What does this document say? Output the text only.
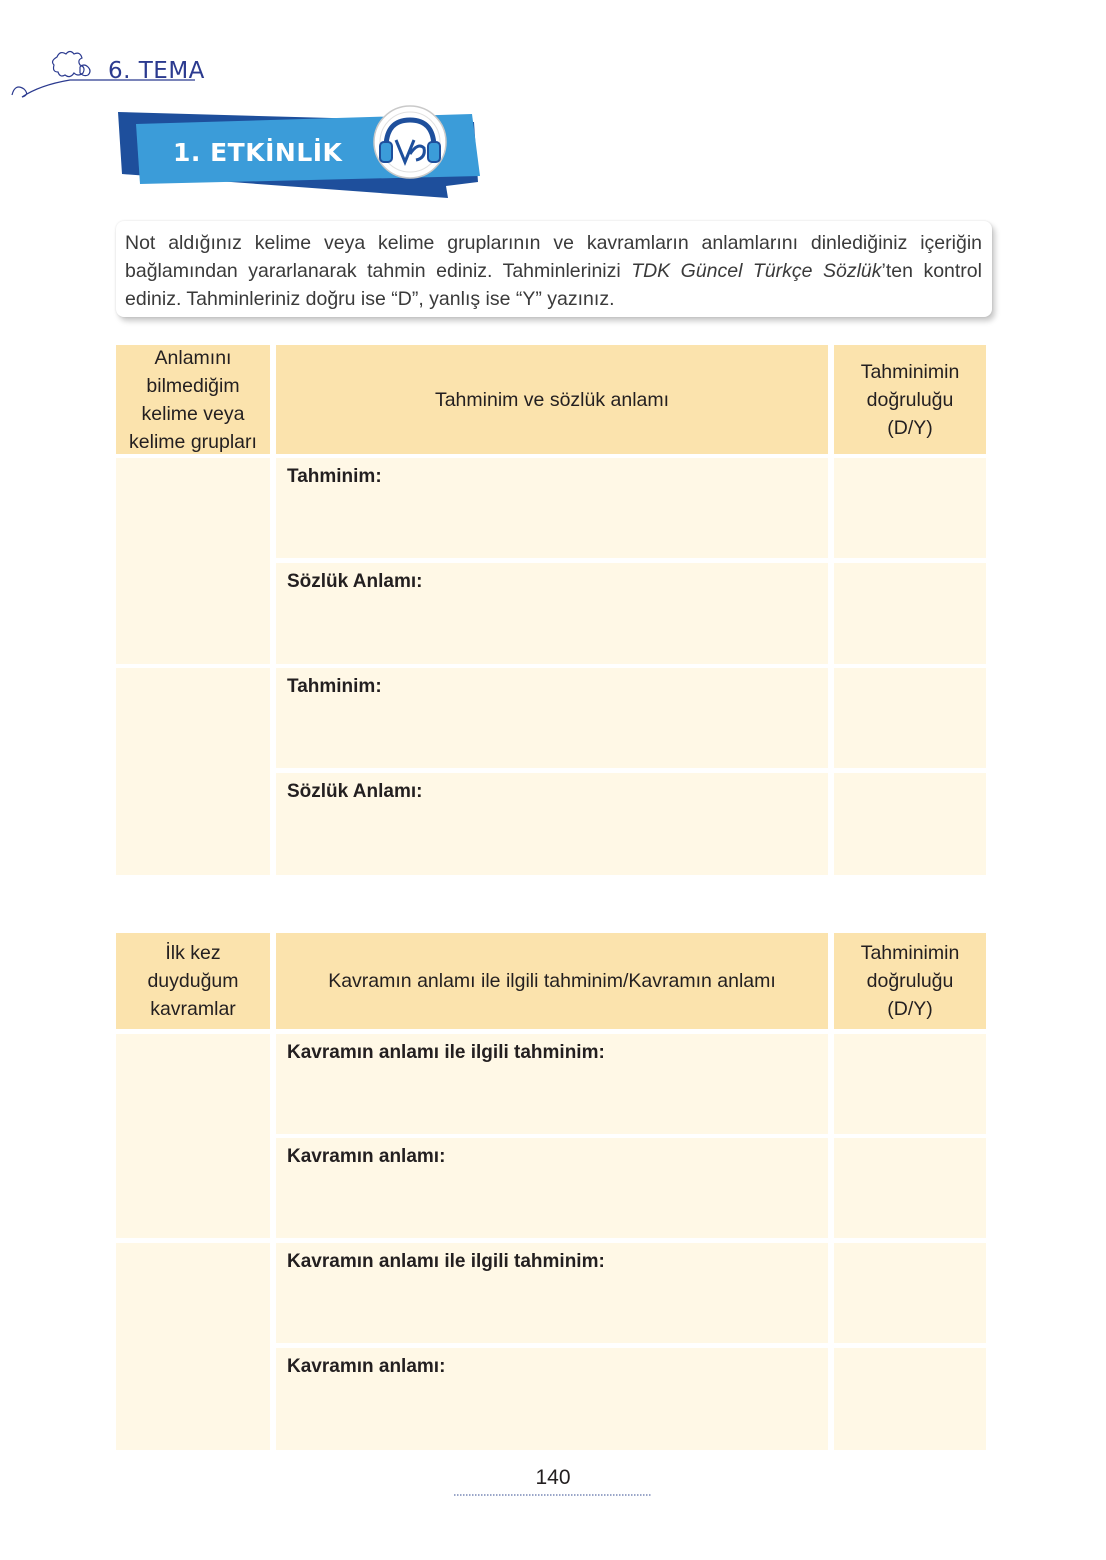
6. TEMA
1. ETKİNLİK

Not aldığınız kelime veya kelime gruplarının ve kavramların anlamlarını dinlediğiniz içeriğin bağlamından yararlanarak tahmin ediniz. Tahminlerinizi TDK Güncel Türkçe Sözlük’ten kontrol ediniz. Tahminleriniz doğru ise “D”, yanlış ise “Y” yazınız.

Anlamını bilmediğim kelime veya kelime grupları
Tahminim ve sözlük anlamı
Tahminimin doğruluğu (D/Y)
Tahminim:
Sözlük Anlamı:
Tahminim:
Sözlük Anlamı:
İlk kez duyduğum kavramlar
Kavramın anlamı ile ilgili tahminim/Kavramın anlamı
Tahminimin doğruluğu (D/Y)
Kavramın anlamı ile ilgili tahminim:
Kavramın anlamı:
Kavramın anlamı ile ilgili tahminim:
Kavramın anlamı:
140
